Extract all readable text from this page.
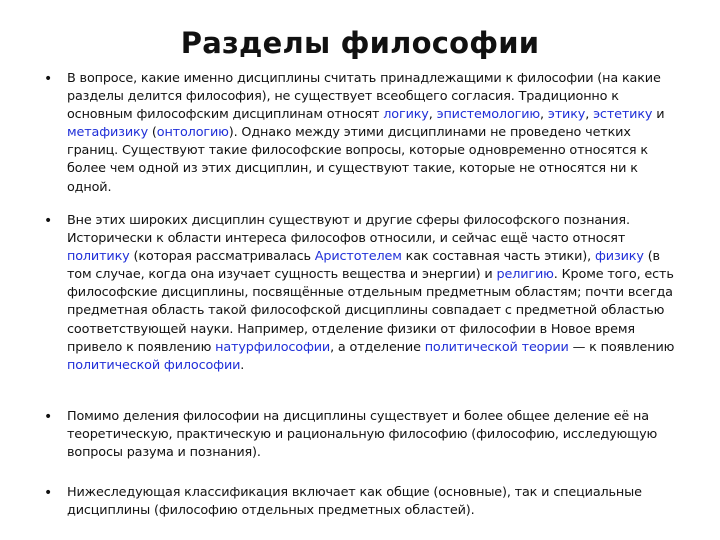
Разделы философии
• В вопросе, какие именно дисциплины считать принадлежащими к философии (на какие разделы делится философия), не существует всеобщего согласия. Традиционно к основным философским дисциплинам относят логику, эпистемологию, этику, эстетику и метафизику (онтологию). Однако между этими дисциплинами не проведено четких границ. Существуют такие философские вопросы, которые одновременно относятся к более чем одной из этих дисциплин, и существуют такие, которые не относятся ни к одной.
• Вне этих широких дисциплин существуют и другие сферы философского познания. Исторически к области интереса философов относили, и сейчас ещё часто относят политику (которая рассматривалась Аристотелем как составная часть этики), физику (в том случае, когда она изучает сущность вещества и энергии) и религию. Кроме того, есть философские дисциплины, посвящённые отдельным предметным областям; почти всегда предметная область такой философской дисциплины совпадает с предметной областью соответствующей науки. Например, отделение физики от философии в Новое время привело к появлению натурфилософии, а отделение политической теории — к появлению политической философии.
• Помимо деления философии на дисциплины существует и более общее деление её на теоретическую, практическую и рациональную философию (философию, исследующую вопросы разума и познания).
• Нижеследующая классификация включает как общие (основные), так и специальные дисциплины (философию отдельных предметных областей).
